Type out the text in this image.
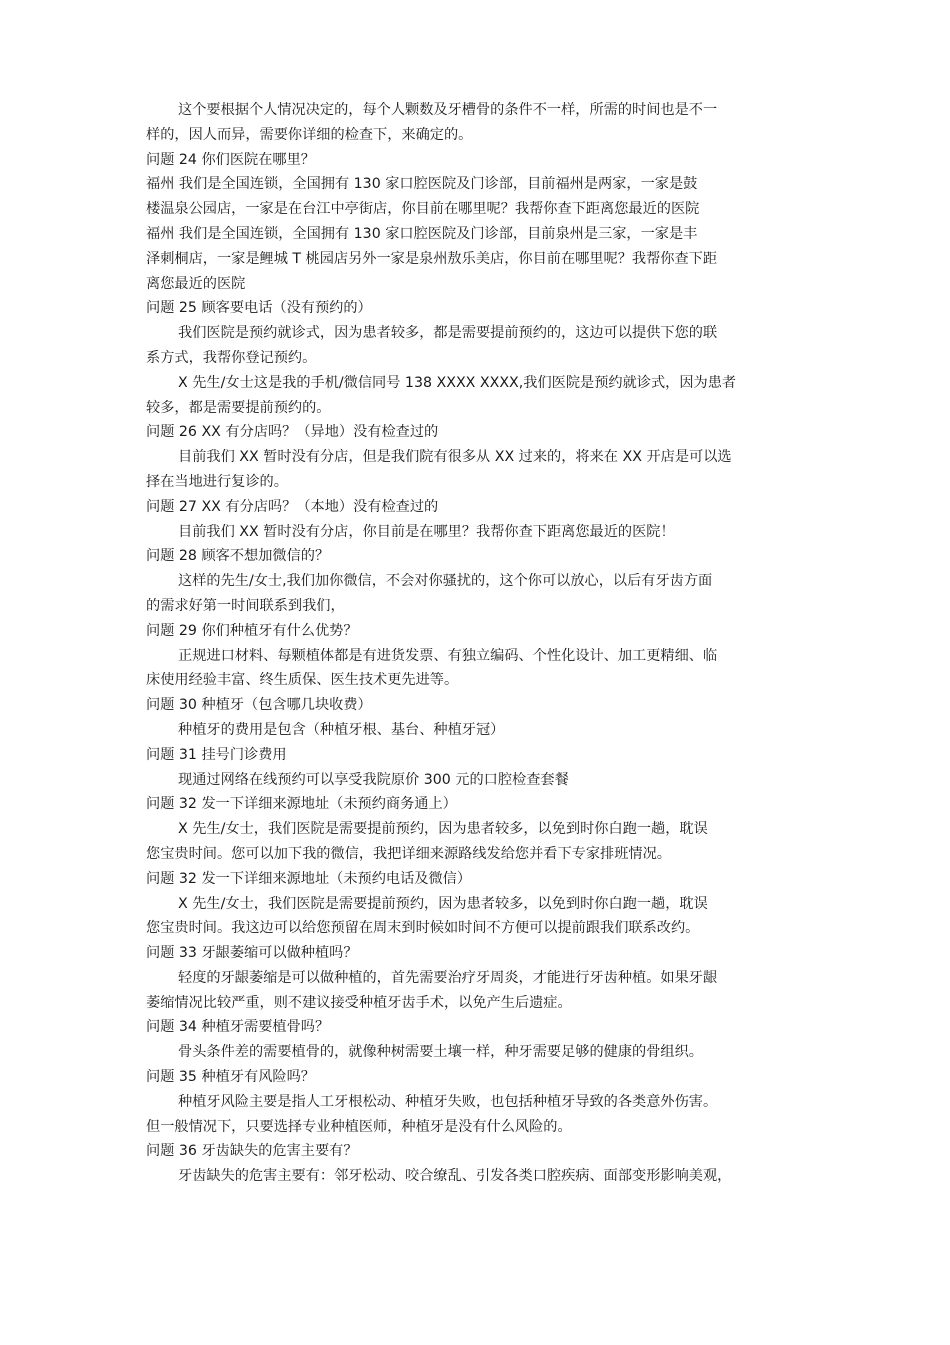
这个要根据个人情况决定的，每个人颗数及牙槽骨的条件不一样，所需的时间也是不一
样的，因人而异，需要你详细的检查下，来确定的。
问题 24 你们医院在哪里？
福州 我们是全国连锁，全国拥有 130 家口腔医院及门诊部，目前福州是两家，一家是鼓
楼温泉公园店，一家是在台江中亭街店，你目前在哪里呢？我帮你查下距离您最近的医院
福州 我们是全国连锁，全国拥有 130 家口腔医院及门诊部，目前泉州是三家，一家是丰
泽刺桐店，一家是鲤城 T 桃园店另外一家是泉州敖乐美店，你目前在哪里呢？我帮你查下距
离您最近的医院
问题 25 顾客要电话（没有预约的）
我们医院是预约就诊式，因为患者较多，都是需要提前预约的，这边可以提供下您的联
系方式，我帮你登记预约。
X 先生/女士这是我的手机/微信同号 138 XXXX XXXX,我们医院是预约就诊式，因为患者
较多，都是需要提前预约的。
问题 26 XX 有分店吗？（异地）没有检查过的
目前我们 XX 暂时没有分店，但是我们院有很多从 XX 过来的，将来在 XX 开店是可以选
择在当地进行复诊的。
问题 27 XX 有分店吗？（本地）没有检查过的
目前我们 XX 暂时没有分店，你目前是在哪里？我帮你查下距离您最近的医院！
问题 28 顾客不想加微信的？
这样的先生/女士,我们加你微信，不会对你骚扰的，这个你可以放心，以后有牙齿方面
的需求好第一时间联系到我们，
问题 29 你们种植牙有什么优势？
正规进口材料、每颗植体都是有进货发票、有独立编码、个性化设计、加工更精细、临
床使用经验丰富、终生质保、医生技术更先进等。
问题 30 种植牙（包含哪几块收费）
种植牙的费用是包含（种植牙根、基台、种植牙冠）
问题 31 挂号门诊费用
现通过网络在线预约可以享受我院原价 300 元的口腔检查套餐
问题 32 发一下详细来源地址（未预约商务通上）
X 先生/女士，我们医院是需要提前预约，因为患者较多，以免到时你白跑一趟，耽误
您宝贵时间。您可以加下我的微信，我把详细来源路线发给您并看下专家排班情况。
问题 32 发一下详细来源地址（未预约电话及微信）
X 先生/女士，我们医院是需要提前预约，因为患者较多，以免到时你白跑一趟，耽误
您宝贵时间。我这边可以给您预留在周末到时候如时间不方便可以提前跟我们联系改约。
问题 33 牙龈萎缩可以做种植吗？
轻度的牙龈萎缩是可以做种植的，首先需要治疗牙周炎，才能进行牙齿种植。如果牙龈
萎缩情况比较严重，则不建议接受种植牙齿手术，以免产生后遗症。
问题 34 种植牙需要植骨吗？
骨头条件差的需要植骨的，就像种树需要土壤一样，种牙需要足够的健康的骨组织。
问题 35 种植牙有风险吗？
种植牙风险主要是指人工牙根松动、种植牙失败，也包括种植牙导致的各类意外伤害。
但一般情况下，只要选择专业种植医师，种植牙是没有什么风险的。
问题 36 牙齿缺失的危害主要有？
牙齿缺失的危害主要有：邻牙松动、咬合缭乱、引发各类口腔疾病、面部变形影响美观，
